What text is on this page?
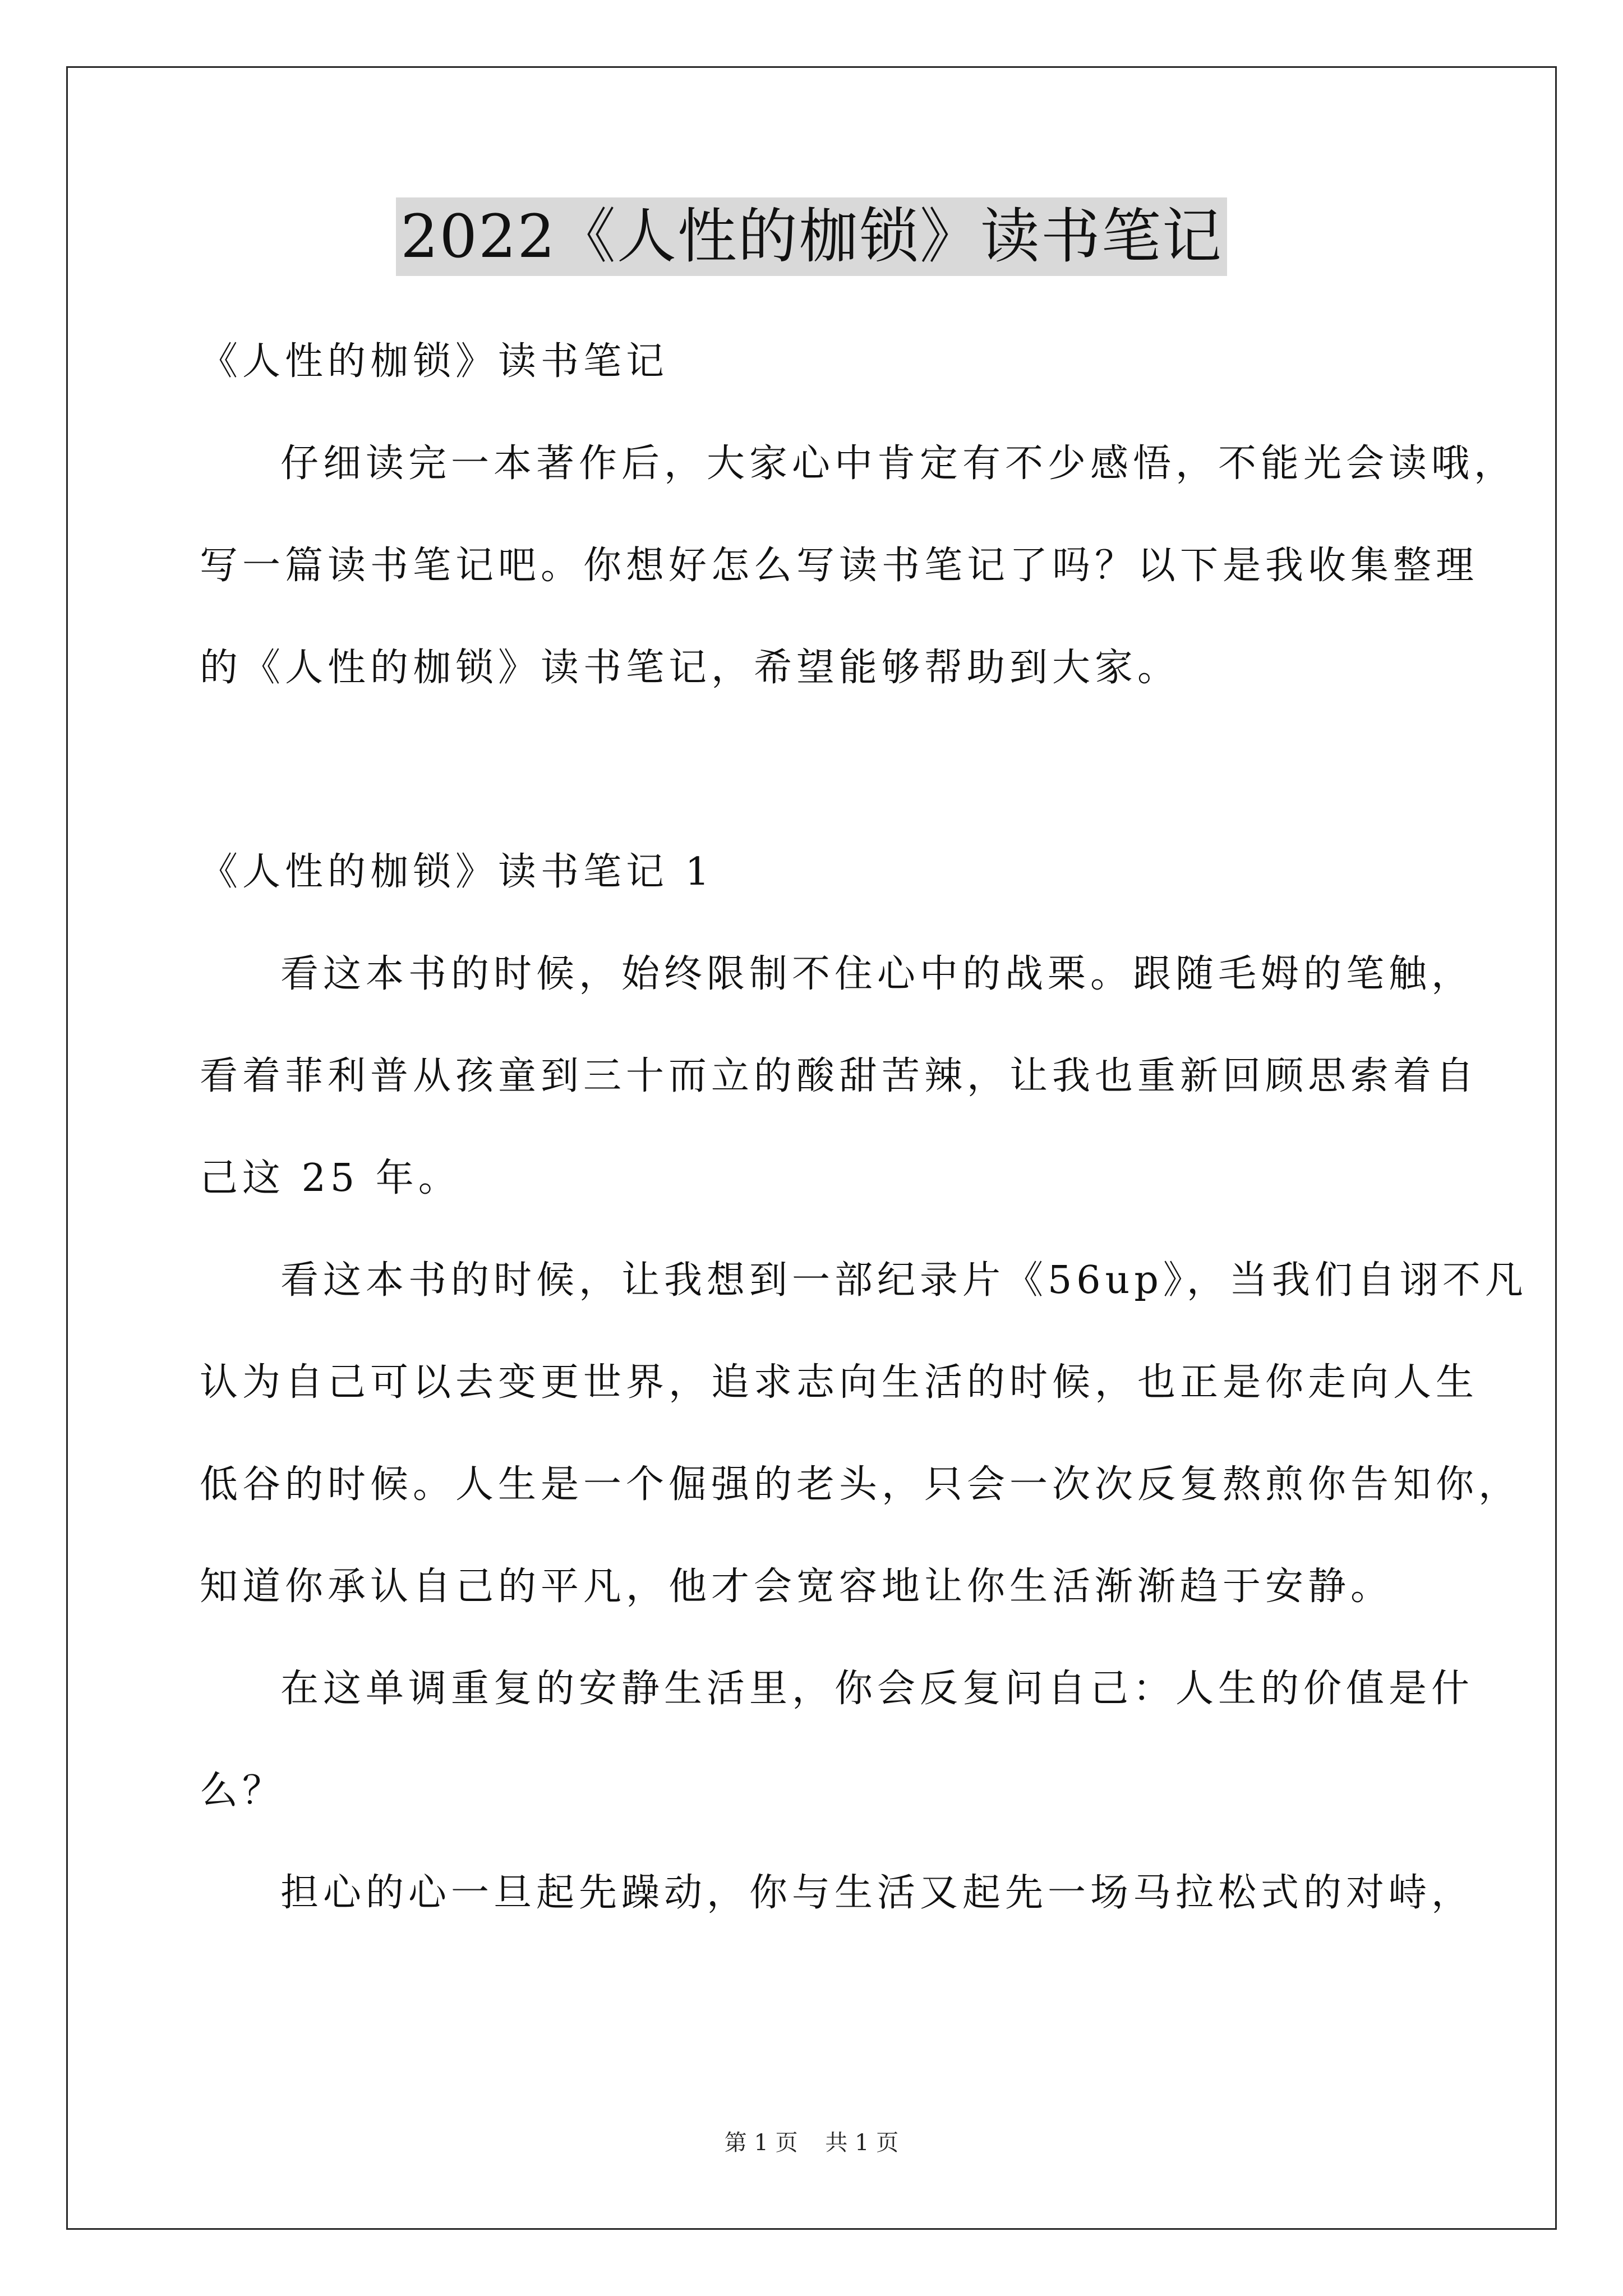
2022《人性的枷锁》读书笔记
《人性的枷锁》读书笔记
仔细读完一本著作后，大家心中肯定有不少感悟，不能光会读哦，
写一篇读书笔记吧。你想好怎么写读书笔记了吗？以下是我收集整理
的《人性的枷锁》读书笔记，希望能够帮助到大家。
《人性的枷锁》读书笔记 1
看这本书的时候，始终限制不住心中的战栗。跟随毛姆的笔触，
看着菲利普从孩童到三十而立的酸甜苦辣，让我也重新回顾思索着自
己这 25 年。
看这本书的时候，让我想到一部纪录片《56up》，当我们自诩不凡
认为自己可以去变更世界，追求志向生活的时候，也正是你走向人生
低谷的时候。人生是一个倔强的老头，只会一次次反复熬煎你告知你，
知道你承认自己的平凡，他才会宽容地让你生活渐渐趋于安静。
在这单调重复的安静生活里，你会反复问自己：人生的价值是什
么？
担心的心一旦起先躁动，你与生活又起先一场马拉松式的对峙，
第 1 页 共 1 页
